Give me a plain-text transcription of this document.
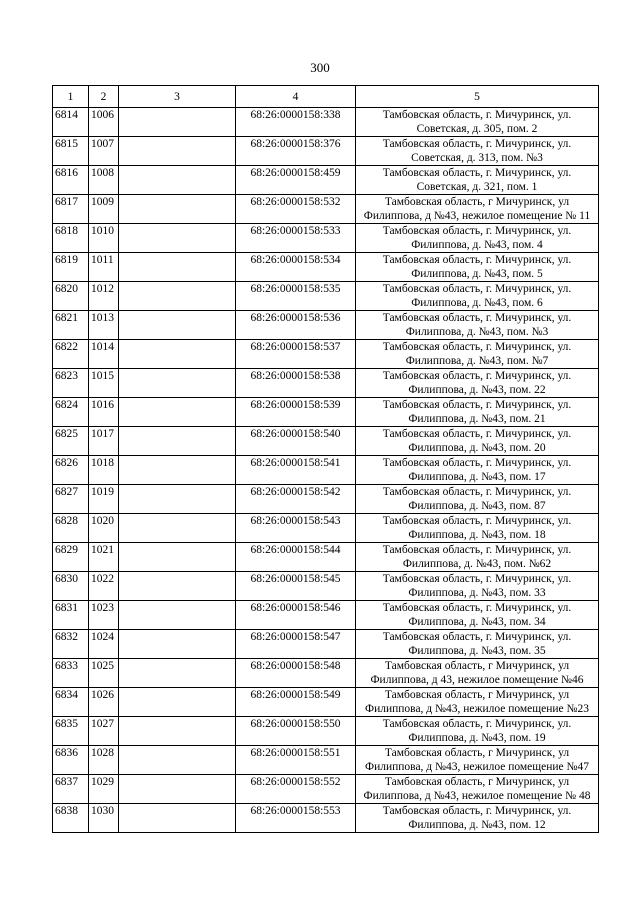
300
1	2	3	4	5
6814	1006		68:26:0000158:338	Тамбовская область, г. Мичуринск, ул. Советская, д. 305, пом. 2
6815	1007		68:26:0000158:376	Тамбовская область, г. Мичуринск, ул. Советская, д. 313, пом. №3
6816	1008		68:26:0000158:459	Тамбовская область, г. Мичуринск, ул. Советская, д. 321, пом. 1
6817	1009		68:26:0000158:532	Тамбовская область, г Мичуринск, ул Филиппова, д №43, нежилое помещение № 11
6818	1010		68:26:0000158:533	Тамбовская область, г. Мичуринск, ул. Филиппова, д. №43, пом. 4
6819	1011		68:26:0000158:534	Тамбовская область, г. Мичуринск, ул. Филиппова, д. №43, пом. 5
6820	1012		68:26:0000158:535	Тамбовская область, г. Мичуринск, ул. Филиппова, д. №43, пом. 6
6821	1013		68:26:0000158:536	Тамбовская область, г. Мичуринск, ул. Филиппова, д. №43, пом. №3
6822	1014		68:26:0000158:537	Тамбовская область, г. Мичуринск, ул. Филиппова, д. №43, пом. №7
6823	1015		68:26:0000158:538	Тамбовская область, г. Мичуринск, ул. Филиппова, д. №43, пом. 22
6824	1016		68:26:0000158:539	Тамбовская область, г. Мичуринск, ул. Филиппова, д. №43, пом. 21
6825	1017		68:26:0000158:540	Тамбовская область, г. Мичуринск, ул. Филиппова, д. №43, пом. 20
6826	1018		68:26:0000158:541	Тамбовская область, г. Мичуринск, ул. Филиппова, д. №43, пом. 17
6827	1019		68:26:0000158:542	Тамбовская область, г. Мичуринск, ул. Филиппова, д. №43, пом. 87
6828	1020		68:26:0000158:543	Тамбовская область, г. Мичуринск, ул. Филиппова, д. №43, пом. 18
6829	1021		68:26:0000158:544	Тамбовская область, г. Мичуринск, ул. Филиппова, д. №43, пом. №62
6830	1022		68:26:0000158:545	Тамбовская область, г. Мичуринск, ул. Филиппова, д. №43, пом. 33
6831	1023		68:26:0000158:546	Тамбовская область, г. Мичуринск, ул. Филиппова, д. №43, пом. 34
6832	1024		68:26:0000158:547	Тамбовская область, г. Мичуринск, ул. Филиппова, д. №43, пом. 35
6833	1025		68:26:0000158:548	Тамбовская область, г Мичуринск, ул Филиппова, д 43, нежилое помещение №46
6834	1026		68:26:0000158:549	Тамбовская область, г Мичуринск, ул Филиппова, д №43, нежилое помещение №23
6835	1027		68:26:0000158:550	Тамбовская область, г. Мичуринск, ул. Филиппова, д. №43, пом. 19
6836	1028		68:26:0000158:551	Тамбовская область, г Мичуринск, ул Филиппова, д №43, нежилое помещение №47
6837	1029		68:26:0000158:552	Тамбовская область, г Мичуринск, ул Филиппова, д №43, нежилое помещение № 48
6838	1030		68:26:0000158:553	Тамбовская область, г. Мичуринск, ул. Филиппова, д. №43, пом. 12
